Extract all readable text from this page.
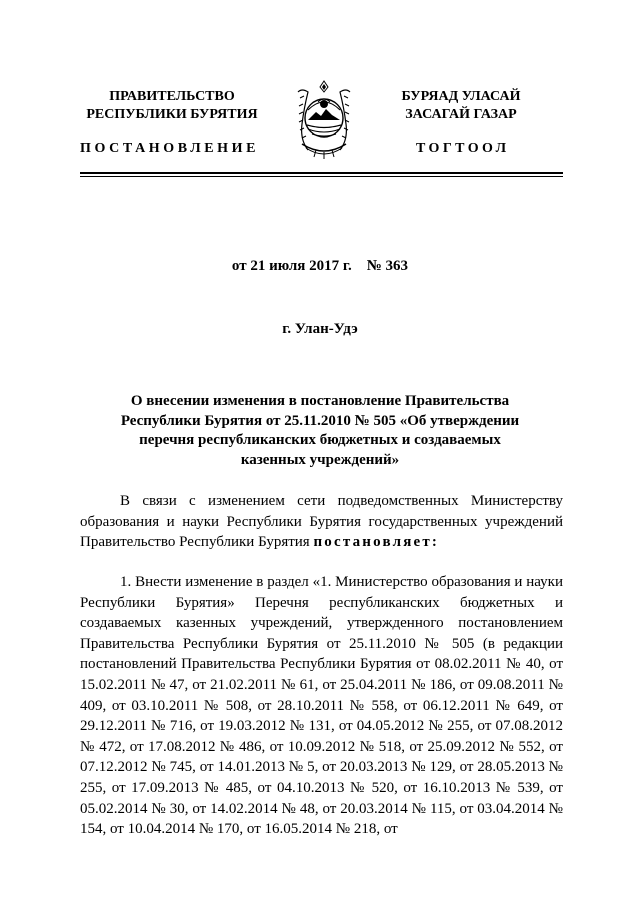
ПРАВИТЕЛЬСТВО
РЕСПУБЛИКИ БУРЯТИЯ
БУРЯАД УЛАСАЙ
ЗАСАГАЙ ГАЗАР
ПОСТАНОВЛЕНИЕ	ТОГТООЛ
от 21 июля 2017 г.    № 363
г. Улан-Удэ
О внесении изменения в постановление Правительства
Республики Бурятия от 25.11.2010 № 505 «Об утверждении
перечня республиканских бюджетных и создаваемых
казенных учреждений»
В связи с изменением сети подведомственных Министерству образования и науки Республики Бурятия государственных учреждений Правительство Республики Бурятия постановляет:
1. Внести изменение в раздел «1. Министерство образования и науки Республики Бурятия» Перечня республиканских бюджетных и создаваемых казенных учреждений, утвержденного постановлением Правительства Республики Бурятия от 25.11.2010 № 505 (в редакции постановлений Правительства Республики Бурятия от 08.02.2011 № 40, от 15.02.2011 № 47, от 21.02.2011 № 61, от 25.04.2011 № 186, от 09.08.2011 № 409, от 03.10.2011 № 508, от 28.10.2011 № 558, от 06.12.2011 № 649, от 29.12.2011 № 716, от 19.03.2012 № 131, от 04.05.2012 № 255, от 07.08.2012 № 472, от 17.08.2012 № 486, от 10.09.2012 № 518, от 25.09.2012 № 552, от 07.12.2012 № 745, от 14.01.2013 № 5, от 20.03.2013 № 129, от 28.05.2013 № 255, от 17.09.2013 № 485, от 04.10.2013 № 520, от 16.10.2013 № 539, от 05.02.2014 № 30, от 14.02.2014 № 48, от 20.03.2014 № 115, от 03.04.2014 № 154, от 10.04.2014 № 170, от 16.05.2014 № 218, от
